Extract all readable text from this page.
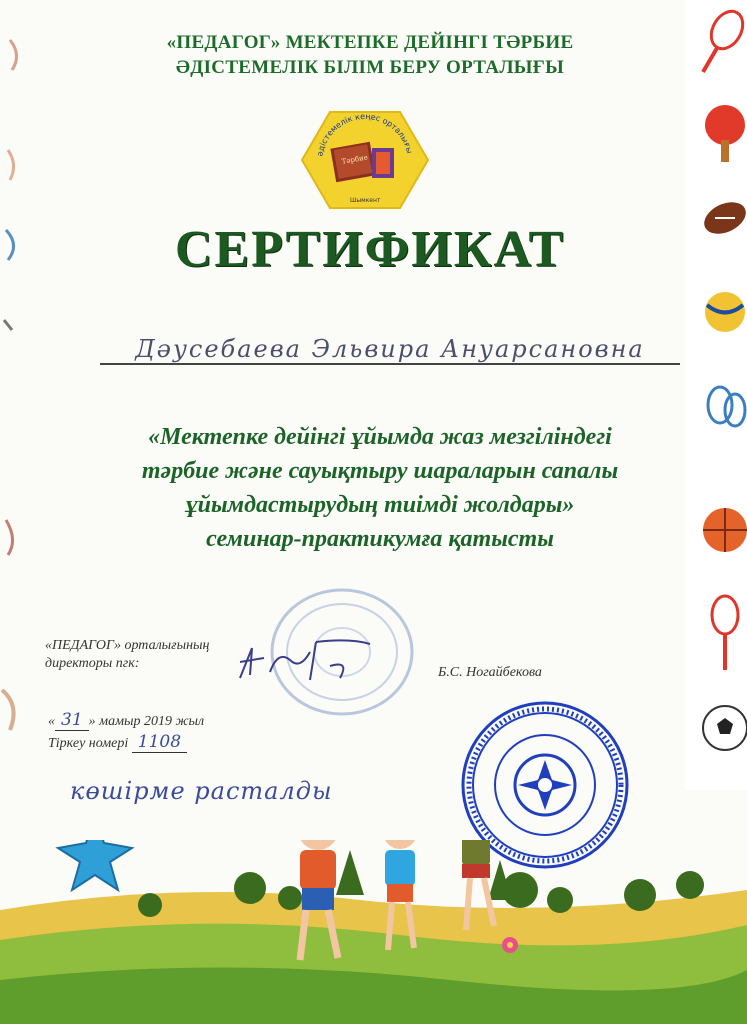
«ПЕДАГОГ» МЕКТЕПКЕ ДЕЙІНГІ ТӘРБИЕ
ӘДІСТЕМЕЛІК БІЛІМ БЕРУ ОРТАЛЫҒЫ
әдістемелік кеңес орталығы
Тәрбие
Шымкент
СЕРТИФИКАТ
Дәусебаева Эльвира Ануарсановна
«Мектепке дейінгі ұйымда жаз мезгіліндегі
тәрбие және сауықтыру шараларын сапалы
ұйымдастырудың тиімді жолдары»
семинар-практикумға қатысты
«ПЕДАГОГ» орталығының
директоры пгк:
Б.С. Ногайбекова
« 31 » мамыр 2019 жыл
Тіркеу номері 1108
көшірме расталды
